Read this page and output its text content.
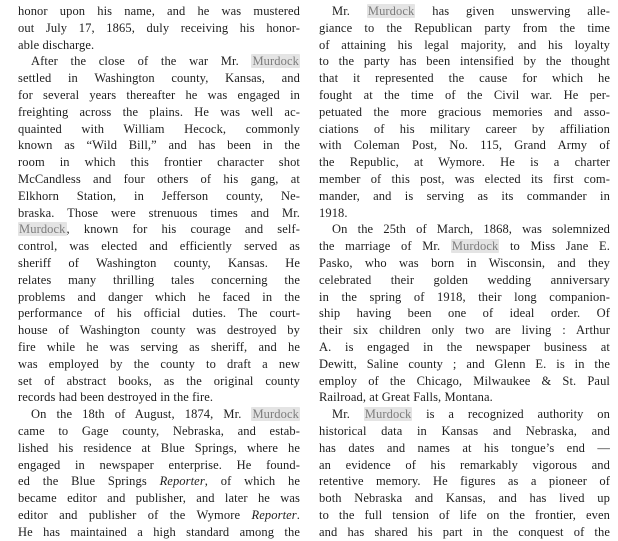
honor upon his name, and he was mustered
out July 17, 1865, duly receiving his honor-
able discharge.
After the close of the war Mr. Murdock
settled in Washington county, Kansas, and
for several years thereafter he was engaged in
freighting across the plains. He was well ac-
quainted with William Hecock, commonly
known as “Wild Bill,” and has been in the
room in which this frontier character shot
McCandless and four others of his gang, at
Elkhorn Station, in Jefferson county, Ne-
braska. Those were strenuous times and Mr.
Murdock, known for his courage and self-
control, was elected and efficiently served as
sheriff of Washington county, Kansas. He
relates many thrilling tales concerning the
problems and danger which he faced in the
performance of his official duties. The court-
house of Washington county was destroyed by
fire while he was serving as sheriff, and he
was employed by the county to draft a new
set of abstract books, as the original county
records had been destroyed in the fire.
On the 18th of August, 1874, Mr. Murdock
came to Gage county, Nebraska, and estab-
lished his residence at Blue Springs, where he
engaged in newspaper enterprise. He found-
ed the Blue Springs Reporter, of which he
became editor and publisher, and later he was
editor and publisher of the Wymore Reporter.
He has maintained a high standard among the
Mr. Murdock has given unswerving alle-
giance to the Republican party from the time
of attaining his legal majority, and his loyalty
to the party has been intensified by the thought
that it represented the cause for which he
fought at the time of the Civil war. He per-
petuated the more gracious memories and asso-
ciations of his military career by affiliation
with Coleman Post, No. 115, Grand Army of
the Republic, at Wymore. He is a charter
member of this post, was elected its first com-
mander, and is serving as its commander in
1918.
On the 25th of March, 1868, was solemnized
the marriage of Mr. Murdock to Miss Jane E.
Pasko, who was born in Wisconsin, and they
celebrated their golden wedding anniversary
in the spring of 1918, their long companion-
ship having been one of ideal order. Of
their six children only two are living : Arthur
A. is engaged in the newspaper business at
Dewitt, Saline county ; and Glenn E. is in the
employ of the Chicago, Milwaukee & St. Paul
Railroad, at Great Falls, Montana.
Mr. Murdock is a recognized authority on
historical data in Kansas and Nebraska, and
has dates and names at his tongue’s end —
an evidence of his remarkably vigorous and
retentive memory. He figures as a pioneer of
both Nebraska and Kansas, and has lived up
to the full tension of life on the frontier, even
and has shared his part in the conquest of the
